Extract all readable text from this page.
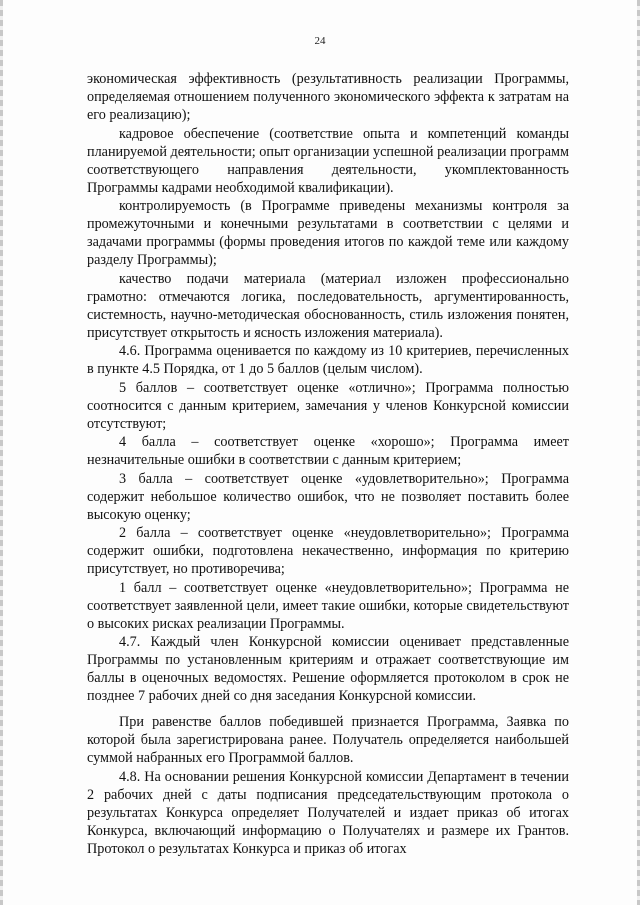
24

экономическая эффективность (результативность реализации Программы, определяемая отношением полученного экономического эффекта к затратам на его реализацию);

кадровое обеспечение (соответствие опыта и компетенций команды планируемой деятельности; опыт организации успешной реализации программ соответствующего направления деятельности, укомплектованность Программы кадрами необходимой квалификации).

контролируемость (в Программе приведены механизмы контроля за промежуточными и конечными результатами в соответствии с целями и задачами программы (формы проведения итогов по каждой теме или каждому разделу Программы);

качество подачи материала (материал изложен профессионально грамотно: отмечаются логика, последовательность, аргументированность, системность, научно-методическая обоснованность, стиль изложения понятен, присутствует открытость и ясность изложения материала).

4.6. Программа оценивается по каждому из 10 критериев, перечисленных в пункте 4.5 Порядка, от 1 до 5 баллов (целым числом).

5 баллов – соответствует оценке «отлично»; Программа полностью соотносится с данным критерием, замечания у членов Конкурсной комиссии отсутствуют;

4 балла – соответствует оценке «хорошо»; Программа имеет незначительные ошибки в соответствии с данным критерием;

3 балла – соответствует оценке «удовлетворительно»; Программа содержит небольшое количество ошибок, что не позволяет поставить более высокую оценку;

2 балла – соответствует оценке «неудовлетворительно»; Программа содержит ошибки, подготовлена некачественно, информация по критерию присутствует, но противоречива;

1 балл – соответствует оценке «неудовлетворительно»; Программа не соответствует заявленной цели, имеет такие ошибки, которые свидетельствуют о высоких рисках реализации Программы.

4.7. Каждый член Конкурсной комиссии оценивает представленные Программы по установленным критериям и отражает соответствующие им баллы в оценочных ведомостях. Решение оформляется протоколом в срок не позднее 7 рабочих дней со дня заседания Конкурсной комиссии.

При равенстве баллов победившей признается Программа, Заявка по которой была зарегистрирована ранее. Получатель определяется наибольшей суммой набранных его Программой баллов.

4.8. На основании решения Конкурсной комиссии Департамент в течении 2 рабочих дней с даты подписания председательствующим протокола о результатах Конкурса определяет Получателей и издает приказ об итогах Конкурса, включающий информацию о Получателях и размере их Грантов. Протокол о результатах Конкурса и приказ об итогах
